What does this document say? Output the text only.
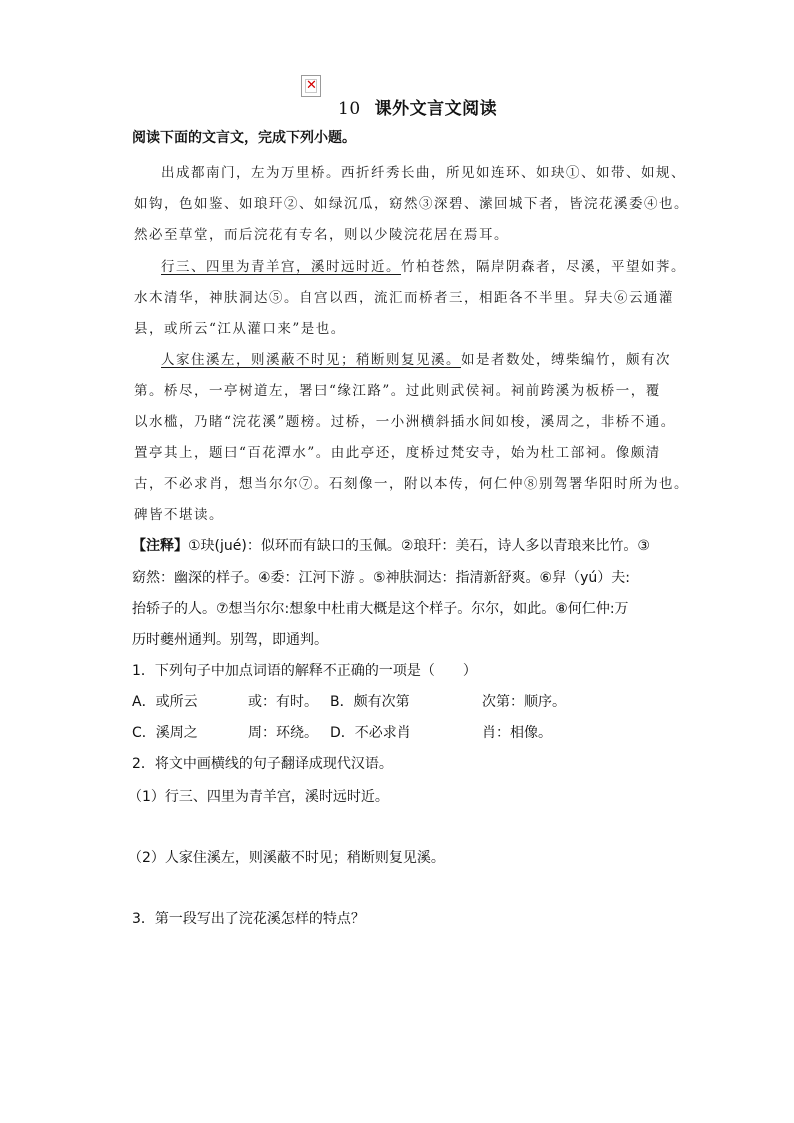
✕
10 课外文言文阅读
阅读下面的文言文，完成下列小题。
出成都南门，左为万里桥。西折纤秀长曲，所见如连环、如玦①、如带、如规、
如钩，色如鉴、如琅玕②、如绿沉瓜，窈然③深碧、潆回城下者，皆浣花溪委④也。
然必至草堂，而后浣花有专名，则以少陵浣花居在焉耳。
行三、四里为青羊宫，溪时远时近。竹柏苍然，隔岸阴森者，尽溪，平望如荠。
水木清华，神肤洞达⑤。自宫以西，流汇而桥者三，相距各不半里。舁夫⑥云通灌
县，或所云“江从灌口来”是也。
人家住溪左，则溪蔽不时见；稍断则复见溪。如是者数处，缚柴编竹，颇有次
第。桥尽，一亭树道左，署曰“缘江路”。过此则武侯祠。祠前跨溪为板桥一，覆
以水槛，乃睹“浣花溪”题榜。过桥，一小洲横斜插水间如梭，溪周之，非桥不通。
置亭其上，题曰“百花潭水”。由此亭还，度桥过梵安寺，始为杜工部祠。像颇清
古，不必求肖，想当尔尔⑦。石刻像一，附以本传，何仁仲⑧别驾署华阳时所为也。
碑皆不堪读。
【注释】①玦(jué)：似环而有缺口的玉佩。②琅玕：美石，诗人多以青琅来比竹。③
窈然：幽深的样子。④委：江河下游 。⑤神肤洞达：指清新舒爽。⑥舁（yú）夫:
抬轿子的人。⑦想当尔尔:想象中杜甫大概是这个样子。尔尔，如此。⑧何仁仲:万
历时夔州通判。别驾，即通判。
1．下列句子中加点词语的解释不正确的一项是（　　）
A．或所云	或：有时。 B．颇有次第	次第：顺序。
C．溪周之	周：环绕。 D．不必求肖	肖：相像。
2．将文中画横线的句子翻译成现代汉语。
（1）行三、四里为青羊宫，溪时远时近。
（2）人家住溪左，则溪蔽不时见；稍断则复见溪。
3．第一段写出了浣花溪怎样的特点？
